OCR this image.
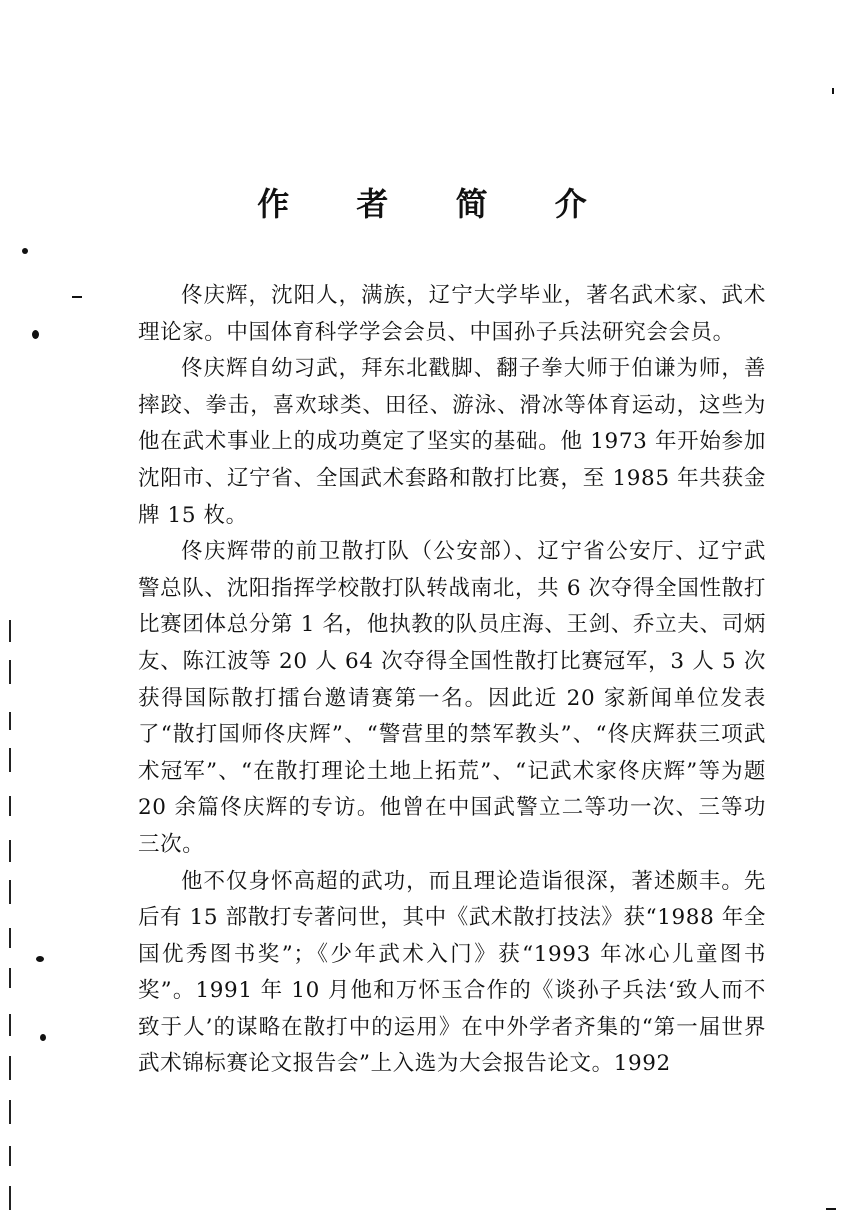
作 者 简 介

佟庆辉，沈阳人，满族，辽宁大学毕业，著名武术家、武术理论家。中国体育科学学会会员、中国孙子兵法研究会会员。

佟庆辉自幼习武，拜东北戳脚、翻子拳大师于伯谦为师，善摔跤、拳击，喜欢球类、田径、游泳、滑冰等体育运动，这些为他在武术事业上的成功奠定了坚实的基础。他 1973 年开始参加沈阳市、辽宁省、全国武术套路和散打比赛，至 1985 年共获金牌 15 枚。

佟庆辉带的前卫散打队（公安部）、辽宁省公安厅、辽宁武警总队、沈阳指挥学校散打队转战南北，共 6 次夺得全国性散打比赛团体总分第 1 名，他执教的队员庄海、王剑、乔立夫、司炳友、陈江波等 20 人 64 次夺得全国性散打比赛冠军，3 人 5 次获得国际散打擂台邀请赛第一名。因此近 20 家新闻单位发表了“散打国师佟庆辉”、“警营里的禁军教头”、“佟庆辉获三项武术冠军”、“在散打理论土地上拓荒”、“记武术家佟庆辉”等为题 20 余篇佟庆辉的专访。他曾在中国武警立二等功一次、三等功三次。

他不仅身怀高超的武功，而且理论造诣很深，著述颇丰。先后有 15 部散打专著问世，其中《武术散打技法》获“1988 年全国优秀图书奖”；《少年武术入门》获“1993 年冰心儿童图书奖”。1991 年 10 月他和万怀玉合作的《谈孙子兵法‘致人而不致于人’的谋略在散打中的运用》在中外学者齐集的“第一届世界武术锦标赛论文报告会”上入选为大会报告论文。1992
